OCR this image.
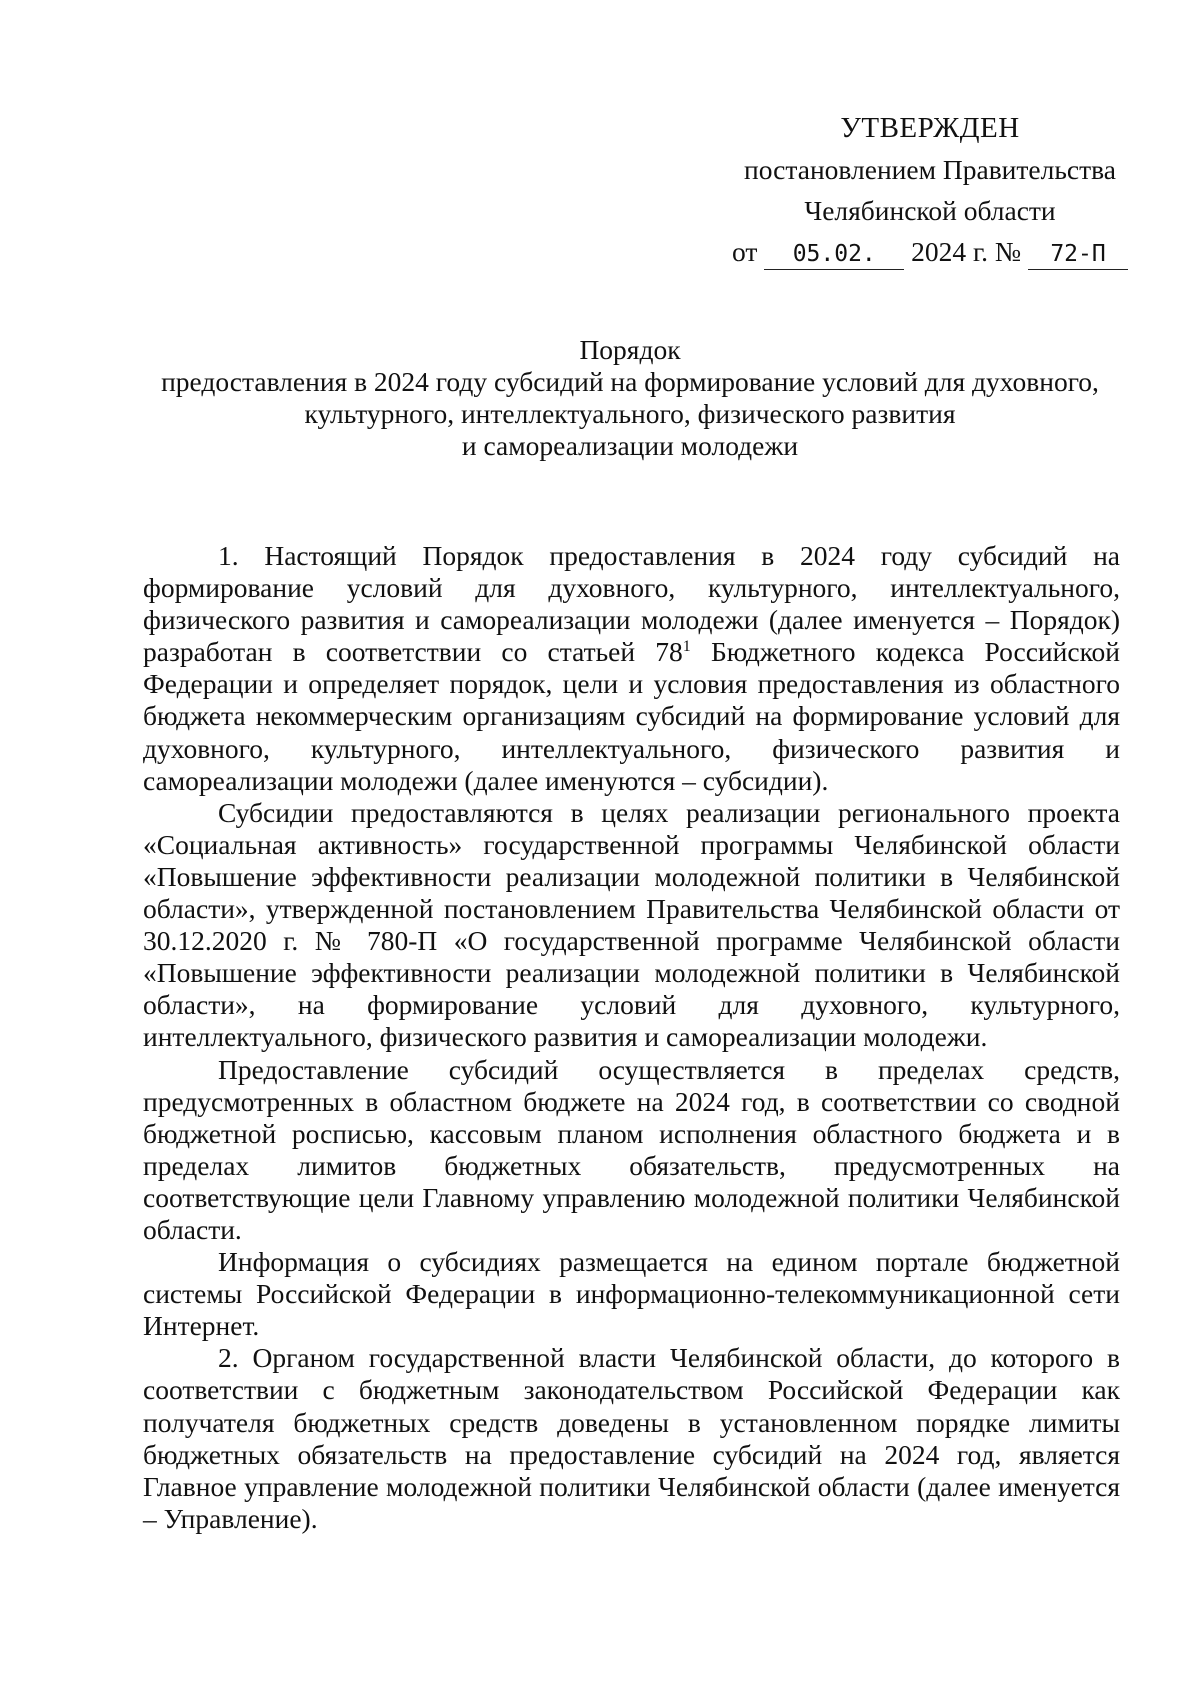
УТВЕРЖДЕН
постановлением Правительства
Челябинской области
от 05.02. 2024 г. № 72-П
Порядок
предоставления в 2024 году субсидий на формирование условий для духовного,
культурного, интеллектуального, физического развития
и самореализации молодежи

1. Настоящий Порядок предоставления в 2024 году субсидий на формирование условий для духовного, культурного, интеллектуального, физического развития и самореализации молодежи (далее именуется – Порядок) разработан в соответствии со статьей $78^1$ Бюджетного кодекса Российской Федерации и определяет порядок, цели и условия предоставления из областного бюджета некоммерческим организациям субсидий на формирование условий для духовного, культурного, интеллектуального, физического развития и самореализации молодежи (далее именуются – субсидии).

Субсидии предоставляются в целях реализации регионального проекта «Социальная активность» государственной программы Челябинской области «Повышение эффективности реализации молодежной политики в Челябинской области», утвержденной постановлением Правительства Челябинской области от 30.12.2020 г. № 780-П «О государственной программе Челябинской области «Повышение эффективности реализации молодежной политики в Челябинской области», на формирование условий для духовного, культурного, интеллектуального, физического развития и самореализации молодежи.

Предоставление субсидий осуществляется в пределах средств, предусмотренных в областном бюджете на 2024 год, в соответствии со сводной бюджетной росписью, кассовым планом исполнения областного бюджета и в пределах лимитов бюджетных обязательств, предусмотренных на соответствующие цели Главному управлению молодежной политики Челябинской области.

Информация о субсидиях размещается на едином портале бюджетной системы Российской Федерации в информационно-телекоммуникационной сети Интернет.

2. Органом государственной власти Челябинской области, до которого в соответствии с бюджетным законодательством Российской Федерации как получателя бюджетных средств доведены в установленном порядке лимиты бюджетных обязательств на предоставление субсидий на 2024 год, является Главное управление молодежной политики Челябинской области (далее именуется – Управление).
